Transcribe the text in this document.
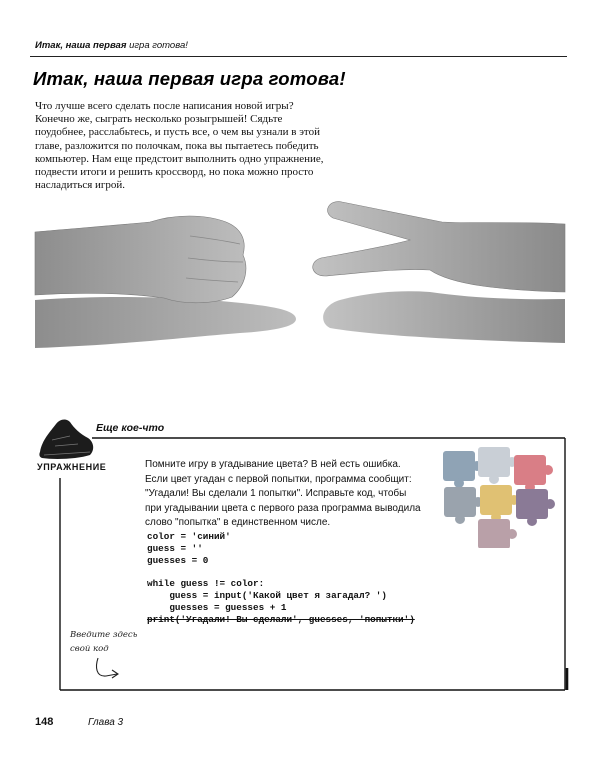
Итак, наша первая игра готова!
Итак, наша первая игра готова!
Что лучше всего сделать после написания новой игры?
Конечно же, сыграть несколько розыгрышей! Сядьте
поудобнее, расслабьтесь, и пусть все, о чем вы узнали в этой
главе, разложится по полочкам, пока вы пытаетесь победить
компьютер. Нам еще предстоит выполнить одно упражнение,
подвести итоги и решить кроссворд, но пока можно просто
насладиться игрой.
Еще кое-что
УПРАЖНЕНИЕ	Помните игру в угадывание цвета? В ней есть ошибка.
Если цвет угадан с первой попытки, программа сообщит:
"Угадали! Вы сделали 1 попытки". Исправьте код, чтобы
при угадывании цвета с первого раза программа выводила
слово "попытка" в единственном числе.
color = 'синий'
guess = ''
guesses = 0
while guess != color:
guess = input('Какой цвет я загадал? ')
guesses = guesses + 1
print('Угадали! Вы сделали', guesses, 'попытки')
Введите здесь
свой код
148	Глава 3
